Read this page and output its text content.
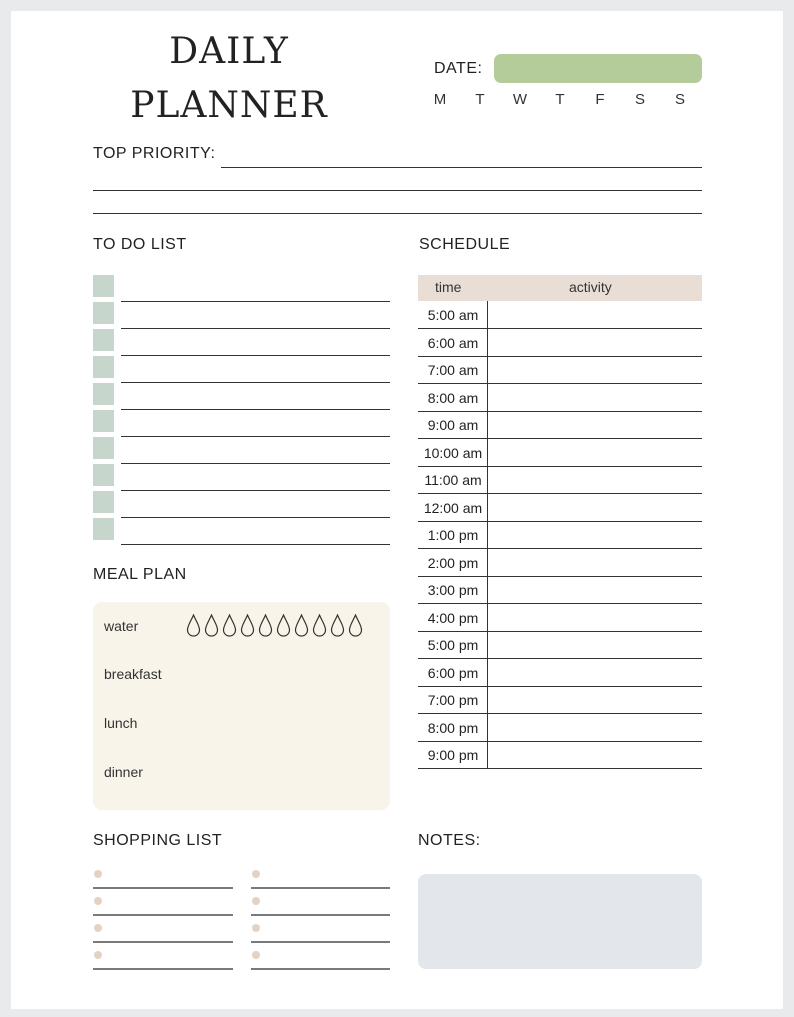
DAILY
PLANNER
DATE:
M	T	W	T	F	S	S
TOP PRIORITY:
TO DO LIST	SCHEDULE
time	activity
5:00 am
6:00 am
7:00 am
8:00 am
9:00 am
10:00 am
11:00 am
12:00 am
1:00 pm
2:00 pm
3:00 pm
4:00 pm
5:00 pm
6:00 pm
7:00 pm
8:00 pm
9:00 pm
MEAL PLAN
water
breakfast
lunch
dinner
SHOPPING LIST	NOTES:
